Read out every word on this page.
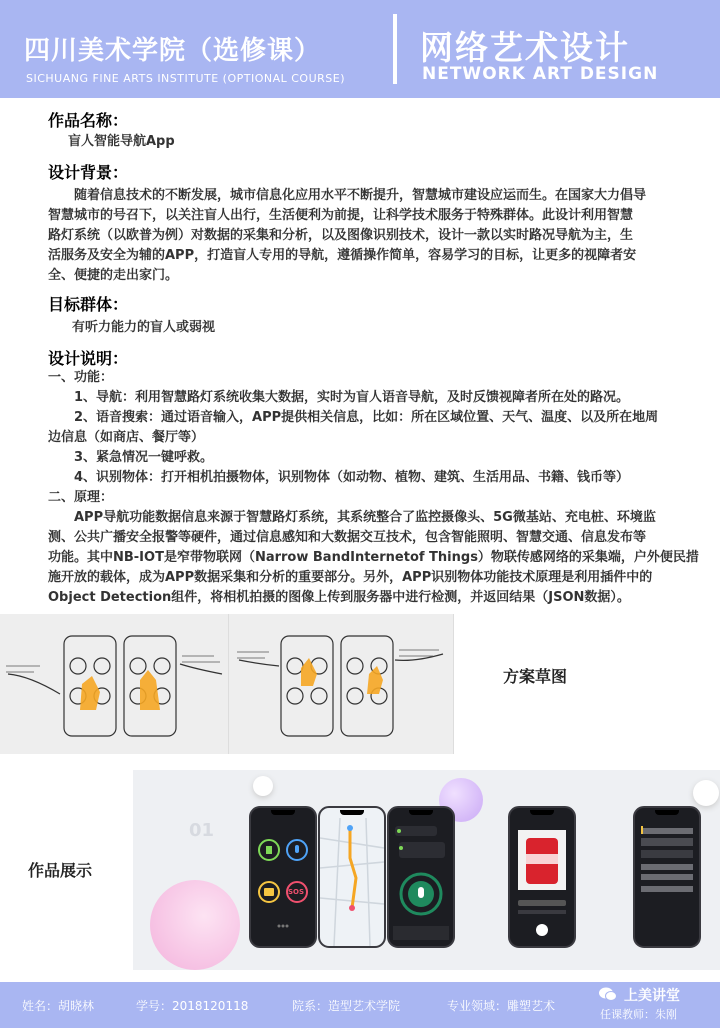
四川美术学院（选修课）
SICHUANG FINE ARTS INSTITUTE (OPTIONAL COURSE)
网络艺术设计
NETWORK ART DESIGN
作品名称：
盲人智能导航App
设计背景：
随着信息技术的不断发展，城市信息化应用水平不断提升，智慧城市建设应运而生。在国家大力倡导
智慧城市的号召下，以关注盲人出行，生活便利为前提，让科学技术服务于特殊群体。此设计利用智慧
路灯系统（以欧普为例）对数据的采集和分析，以及图像识别技术，设计一款以实时路况导航为主，生
活服务及安全为辅的APP，打造盲人专用的导航，遵循操作简单，容易学习的目标，让更多的视障者安
全、便捷的走出家门。
目标群体：
有听力能力的盲人或弱视
设计说明：
一、功能：
1、导航：利用智慧路灯系统收集大数据，实时为盲人语音导航，及时反馈视障者所在处的路况。
2、语音搜索：通过语音输入，APP提供相关信息，比如：所在区域位置、天气、温度、以及所在地周
边信息（如商店、餐厅等）
3、紧急情况一键呼救。
4、识别物体：打开相机拍摄物体，识别物体（如动物、植物、建筑、生活用品、书籍、钱币等）
二、原理：
APP导航功能数据信息来源于智慧路灯系统，其系统整合了监控摄像头、5G微基站、充电桩、环境监
测、公共广播安全报警等硬件，通过信息感知和大数据交互技术，包含智能照明、智慧交通、信息发布等
功能。其中NB-IOT是窄带物联网（Narrow BandInternetof Things）物联传感网络的采集端，户外便民措
施开放的载体，成为APP数据采集和分析的重要部分。另外，APP识别物体功能技术原理是利用插件中的
Object Detection组件，将相机拍摄的图像上传到服务器中进行检测，并返回结果（JSON数据）。
方案草图
01
SOS
作品展示
姓名：胡晓林	学号：2018120118	院系：造型艺术学院	专业领域：雕塑艺术
任课教师：朱刚
上美讲堂
